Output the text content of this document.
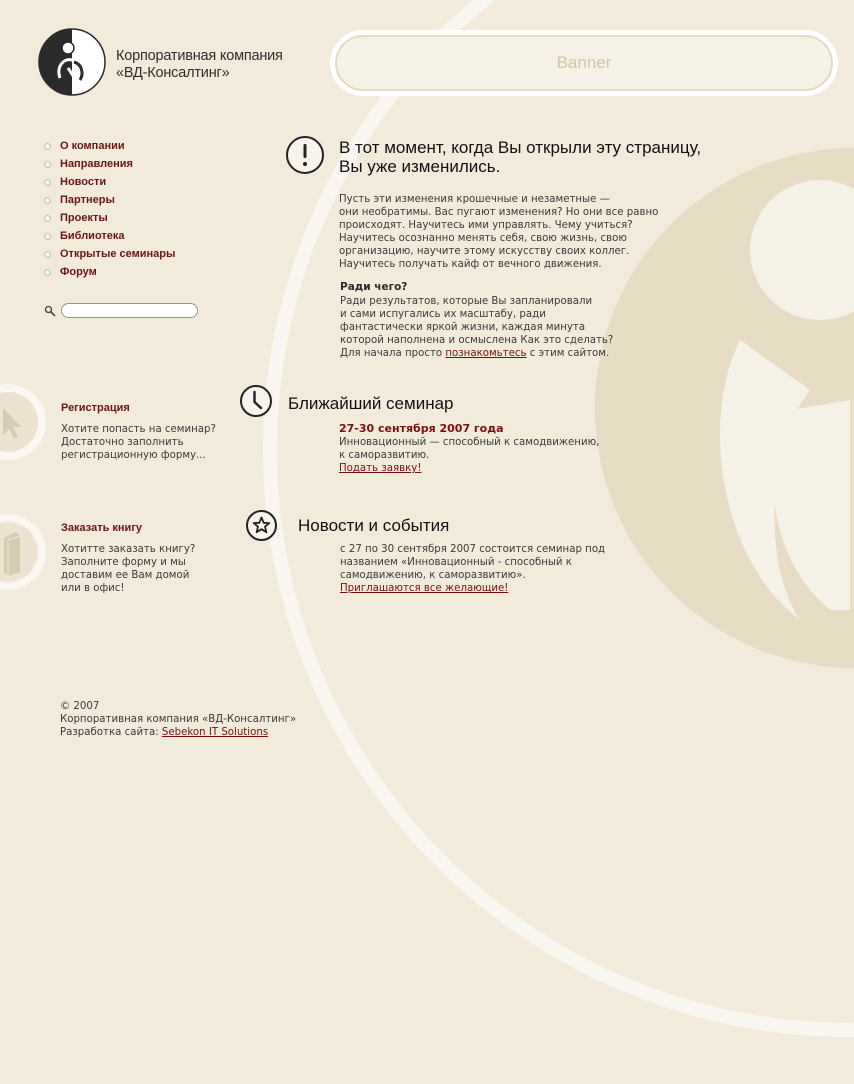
Корпоративная компания
«ВД-Консалтинг»
Banner
О компании
Направления
Новости
Партнеры
Проекты
Библиотека
Открытые семинары
Форум
В тот момент, когда Вы открыли эту страницу,
Вы уже изменились.
Пусть эти изменения крошечные и незаметные —
они необратимы. Вас пугают изменения? Но они все равно
происходят. Научитесь ими управлять. Чему учиться?
Научитесь осознанно менять себя, свою жизнь, свою
организацию, научите этому искусству своих коллег.
Научитесь получать кайф от вечного движения.
Ради чего?
Ради результатов, которые Вы запланировали
и сами испугались их масштабу, ради
фантастически яркой жизни, каждая минута
которой наполнена и осмыслена Как это сделать?
Для начала просто познакомьтесь с этим сайтом.
Регистрация
Хотите попасть на семинар?
Достаточно заполнить
регистрационную форму...
Ближайший семинар
27-30 сентября 2007 года
Инновационный — способный к самодвижению,
к саморазвитию.
Подать заявку!
Заказать книгу
Хотитте заказать книгу?
Заполните форму и мы
доставим ее Вам домой
или в офис!
Новости и события
с 27 по 30 сентября 2007 состоится семинар под
названием «Инновационный - способный к
самодвижению, к саморазвитию».
Приглашаются все желающие!
© 2007
Корпоративная компания «ВД-Консалтинг»
Разработка сайта: Sebekon IT Solutions
